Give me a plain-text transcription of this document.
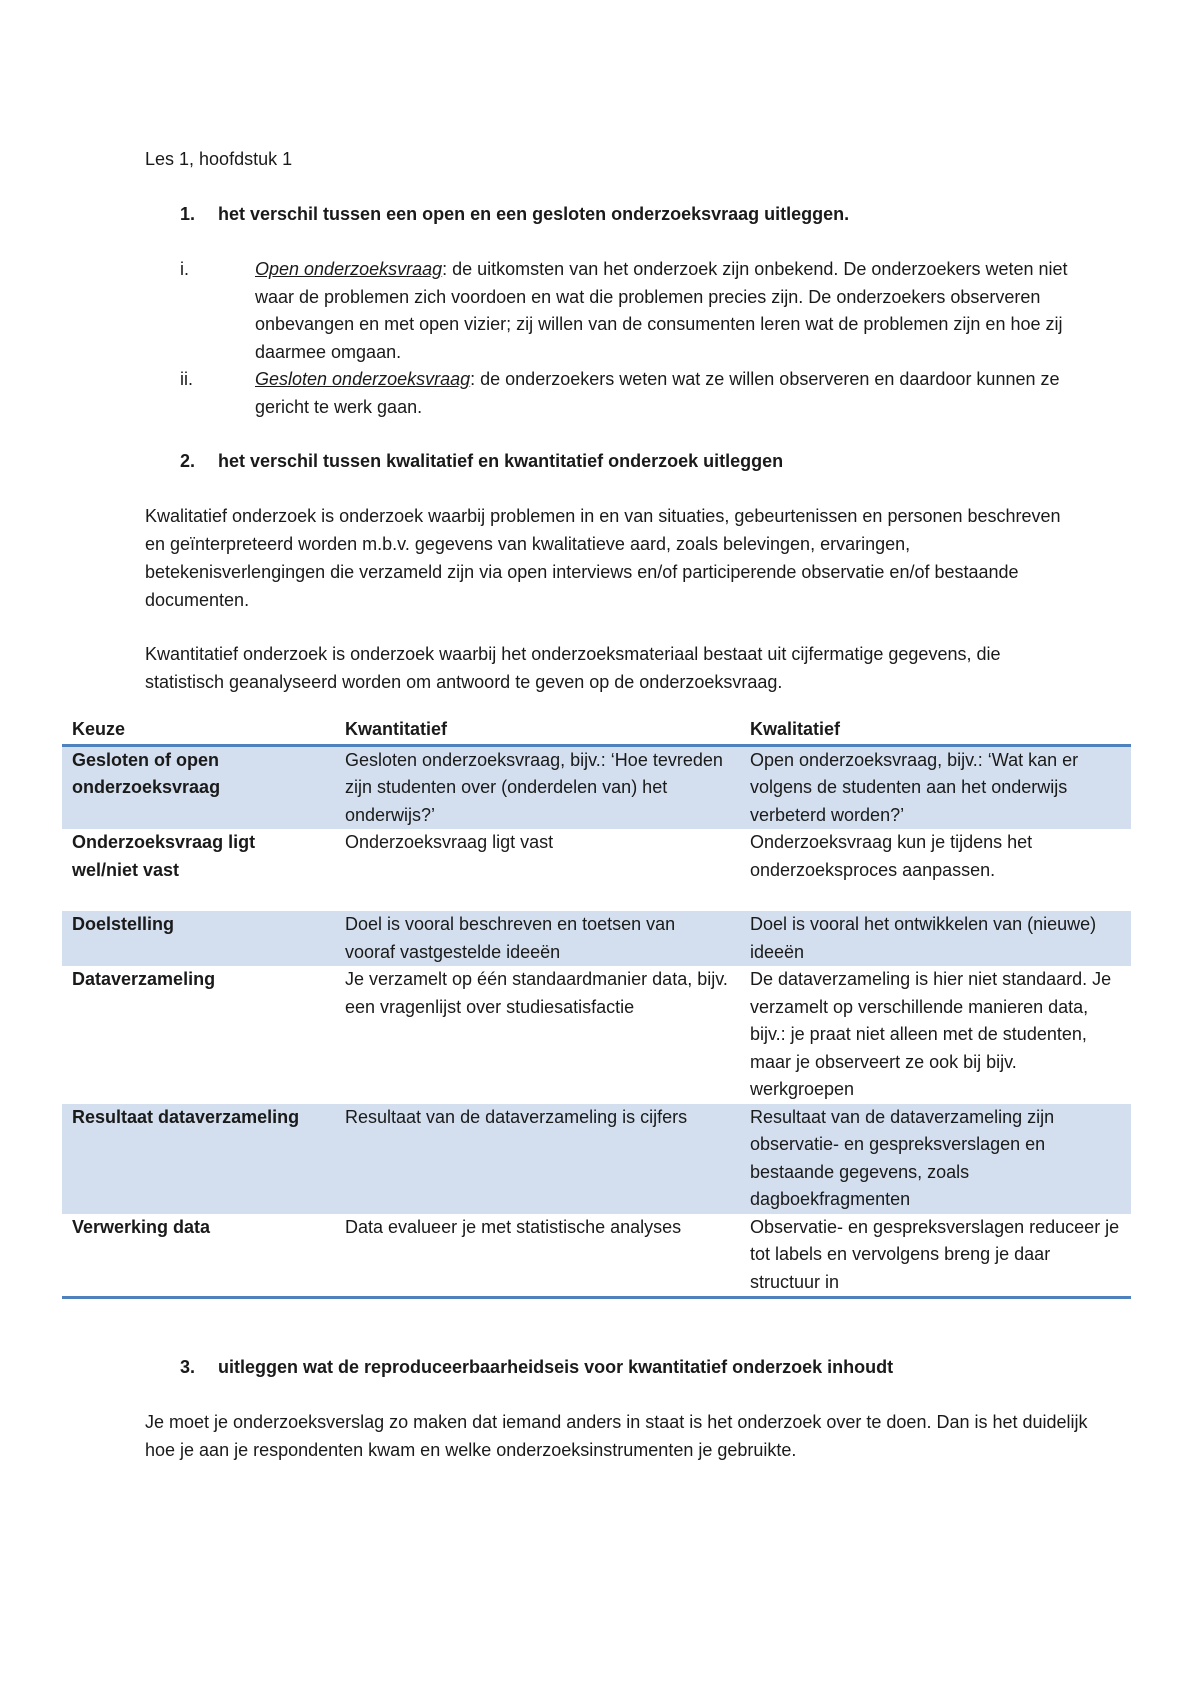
Les 1, hoofdstuk 1
1. het verschil tussen een open en een gesloten onderzoeksvraag uitleggen.
i.	Open onderzoeksvraag: de uitkomsten van het onderzoek zijn onbekend. De onderzoekers weten niet waar de problemen zich voordoen en wat die problemen precies zijn. De onderzoekers observeren onbevangen en met open vizier; zij willen van de consumenten leren wat de problemen zijn en hoe zij daarmee omgaan.
ii.	Gesloten onderzoeksvraag: de onderzoekers weten wat ze willen observeren en daardoor kunnen ze gericht te werk gaan.
2. het verschil tussen kwalitatief en kwantitatief onderzoek uitleggen
Kwalitatief onderzoek is onderzoek waarbij problemen in en van situaties, gebeurtenissen en personen beschreven en geïnterpreteerd worden m.b.v. gegevens van kwalitatieve aard, zoals belevingen, ervaringen, betekenisverlengingen die verzameld zijn via open interviews en/of participerende observatie en/of bestaande documenten.
Kwantitatief onderzoek is onderzoek waarbij het onderzoeksmateriaal bestaat uit cijfermatige gegevens, die statistisch geanalyseerd worden om antwoord te geven op de onderzoeksvraag.
Keuze	Kwantitatief	Kwalitatief
Gesloten of open onderzoeksvraag	Gesloten onderzoeksvraag, bijv.: ‘Hoe tevreden zijn studenten over (onderdelen van) het onderwijs?’	Open onderzoeksvraag, bijv.: ‘Wat kan er volgens de studenten aan het onderwijs verbeterd worden?’
Onderzoeksvraag ligt wel/niet vast	Onderzoeksvraag ligt vast	Onderzoeksvraag kun je tijdens het onderzoeksproces aanpassen.
Doelstelling	Doel is vooral beschreven en toetsen van vooraf vastgestelde ideeën	Doel is vooral het ontwikkelen van (nieuwe) ideeën
Dataverzameling	Je verzamelt op één standaardmanier data, bijv. een vragenlijst over studiesatisfactie	De dataverzameling is hier niet standaard. Je verzamelt op verschillende manieren data, bijv.: je praat niet alleen met de studenten, maar je observeert ze ook bij bijv. werkgroepen
Resultaat dataverzameling	Resultaat van de dataverzameling is cijfers	Resultaat van de dataverzameling zijn observatie- en gespreksverslagen en bestaande gegevens, zoals dagboekfragmenten
Verwerking data	Data evalueer je met statistische analyses	Observatie- en gespreksverslagen reduceer je tot labels en vervolgens breng je daar structuur in
3. uitleggen wat de reproduceerbaarheidseis voor kwantitatief onderzoek inhoudt
Je moet je onderzoeksverslag zo maken dat iemand anders in staat is het onderzoek over te doen. Dan is het duidelijk hoe je aan je respondenten kwam en welke onderzoeksinstrumenten je gebruikte.
